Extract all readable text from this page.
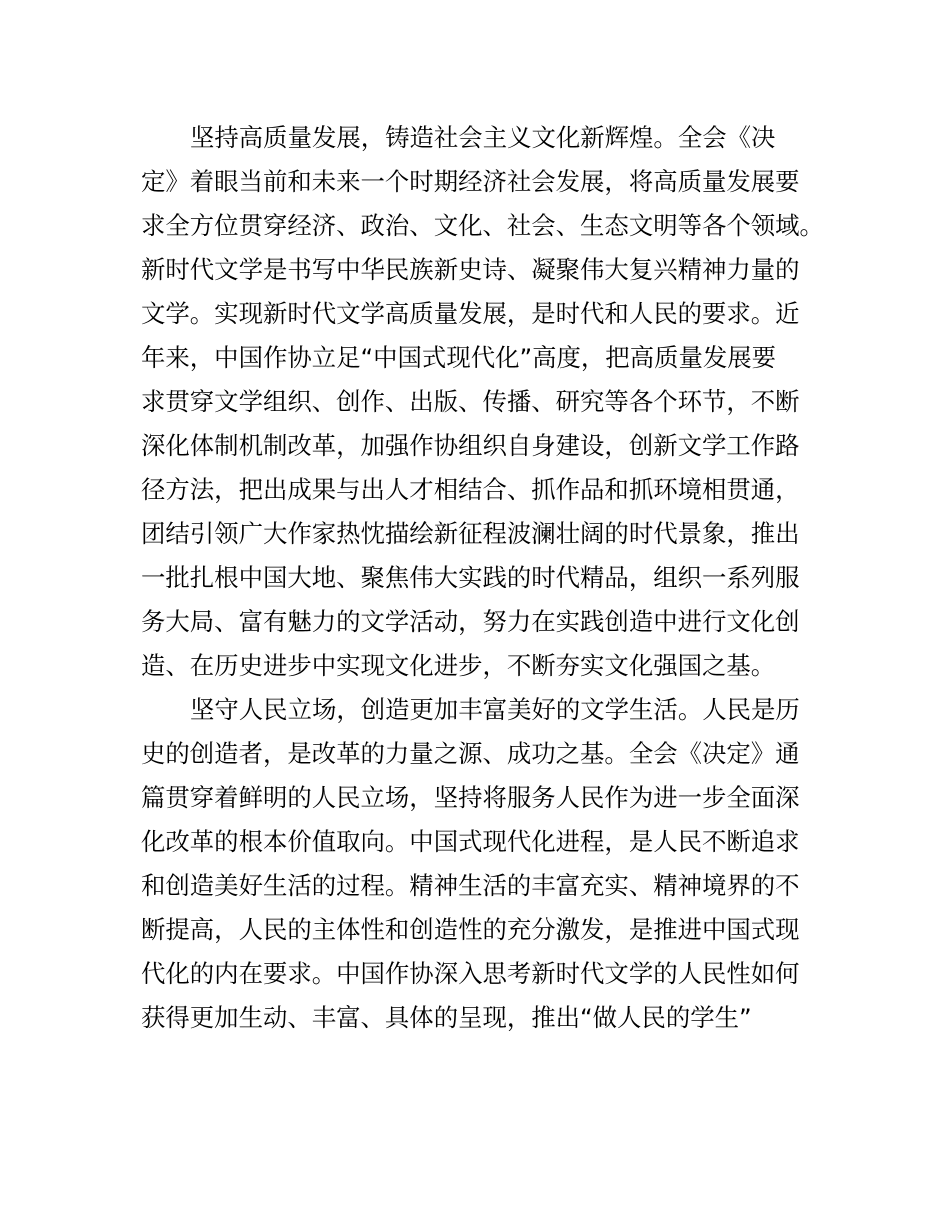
坚持高质量发展，铸造社会主义文化新辉煌。全会《决
定》着眼当前和未来一个时期经济社会发展，将高质量发展要
求全方位贯穿经济、政治、文化、社会、生态文明等各个领域。
新时代文学是书写中华民族新史诗、凝聚伟大复兴精神力量的
文学。实现新时代文学高质量发展，是时代和人民的要求。近
年来，中国作协立足“中国式现代化”高度，把高质量发展要
求贯穿文学组织、创作、出版、传播、研究等各个环节，不断
深化体制机制改革，加强作协组织自身建设，创新文学工作路
径方法，把出成果与出人才相结合、抓作品和抓环境相贯通，
团结引领广大作家热忱描绘新征程波澜壮阔的时代景象，推出
一批扎根中国大地、聚焦伟大实践的时代精品，组织一系列服
务大局、富有魅力的文学活动，努力在实践创造中进行文化创
造、在历史进步中实现文化进步，不断夯实文化强国之基。
坚守人民立场，创造更加丰富美好的文学生活。人民是历
史的创造者，是改革的力量之源、成功之基。全会《决定》通
篇贯穿着鲜明的人民立场，坚持将服务人民作为进一步全面深
化改革的根本价值取向。中国式现代化进程，是人民不断追求
和创造美好生活的过程。精神生活的丰富充实、精神境界的不
断提高，人民的主体性和创造性的充分激发，是推进中国式现
代化的内在要求。中国作协深入思考新时代文学的人民性如何
获得更加生动、丰富、具体的呈现，推出“做人民的学生”
